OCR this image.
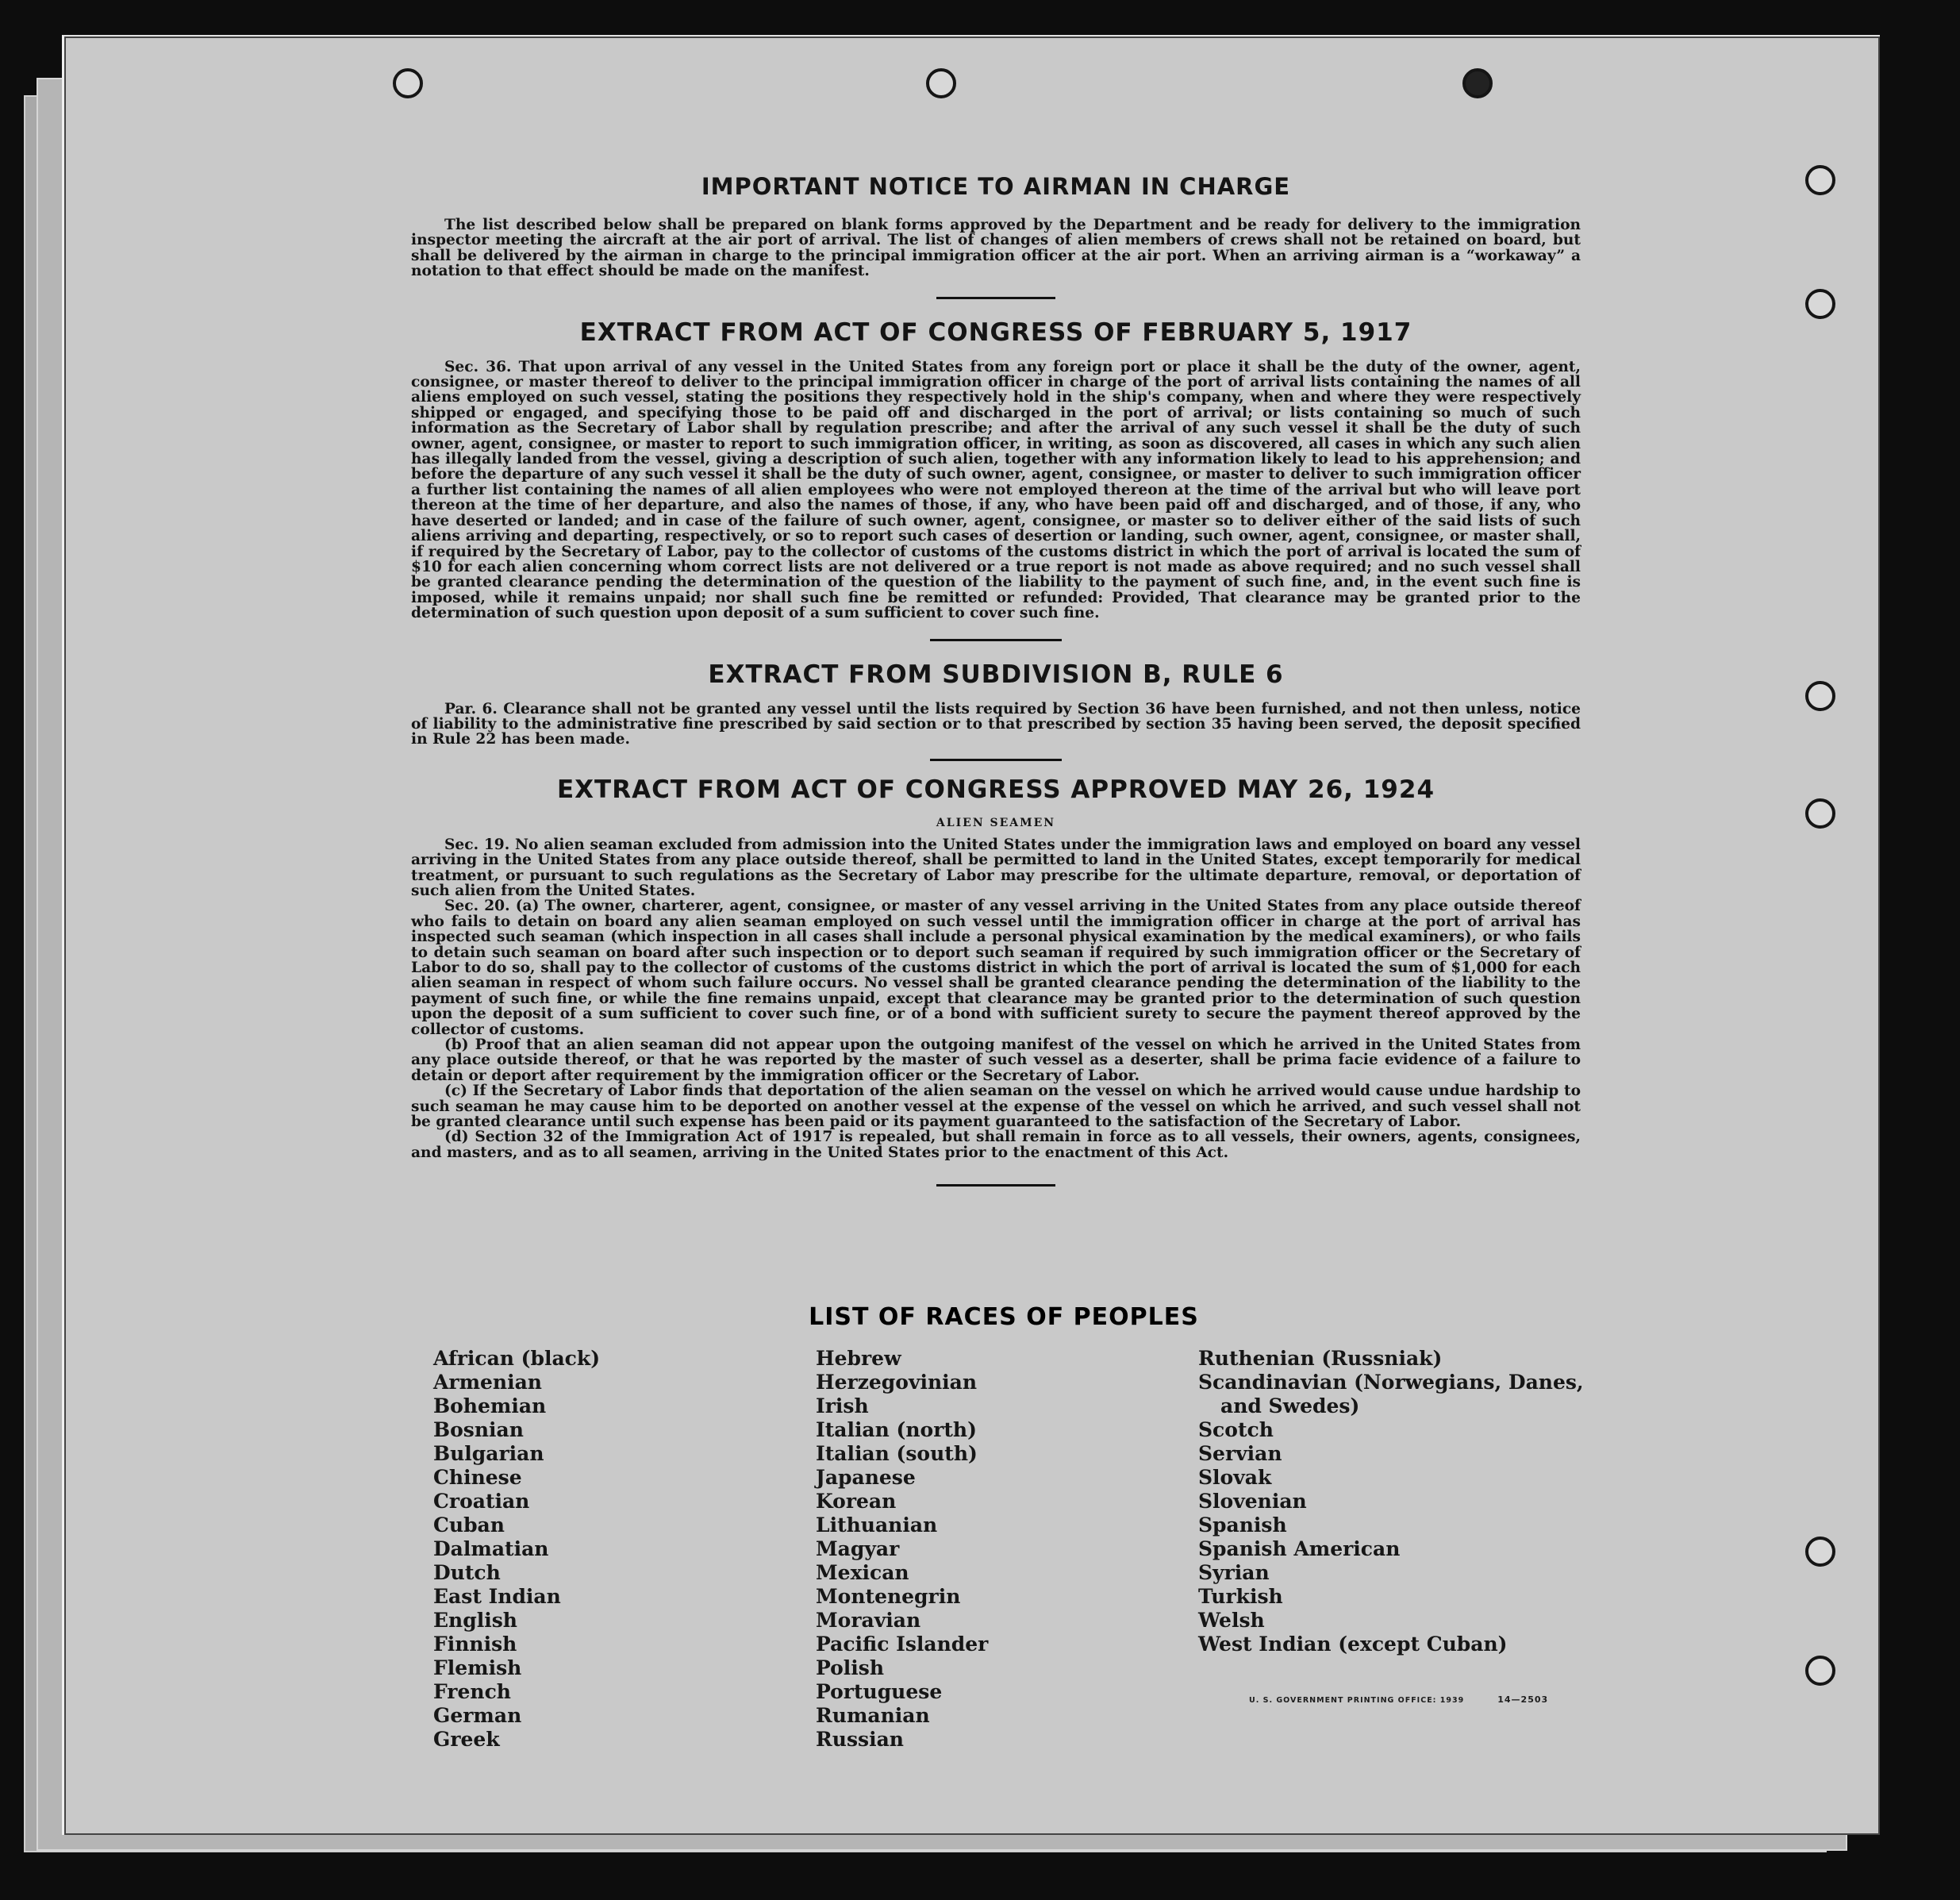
IMPORTANT NOTICE TO AIRMAN IN CHARGE

The list described below shall be prepared on blank forms approved by the Department and be ready for delivery to the immigration inspector meeting the aircraft at the air port of arrival. The list of changes of alien members of crews shall not be retained on board, but shall be delivered by the airman in charge to the principal immigration officer at the air port. When an arriving airman is a “workaway” a notation to that effect should be made on the manifest.

EXTRACT FROM ACT OF CONGRESS OF FEBRUARY 5, 1917

Sec. 36. That upon arrival of any vessel in the United States from any foreign port or place it shall be the duty of the owner, agent, consignee, or master thereof to deliver to the principal immigration officer in charge of the port of arrival lists containing the names of all aliens employed on such vessel, stating the positions they respectively hold in the ship's company, when and where they were respectively shipped or engaged, and specifying those to be paid off and discharged in the port of arrival; or lists containing so much of such information as the Secretary of Labor shall by regulation prescribe; and after the arrival of any such vessel it shall be the duty of such owner, agent, consignee, or master to report to such immigration officer, in writing, as soon as discovered, all cases in which any such alien has illegally landed from the vessel, giving a description of such alien, together with any information likely to lead to his apprehension; and before the departure of any such vessel it shall be the duty of such owner, agent, consignee, or master to deliver to such immigration officer a further list containing the names of all alien employees who were not employed thereon at the time of the arrival but who will leave port thereon at the time of her departure, and also the names of those, if any, who have been paid off and discharged, and of those, if any, who have deserted or landed; and in case of the failure of such owner, agent, consignee, or master so to deliver either of the said lists of such aliens arriving and departing, respectively, or so to report such cases of desertion or landing, such owner, agent, consignee, or master shall, if required by the Secretary of Labor, pay to the collector of customs of the customs district in which the port of arrival is located the sum of $10 for each alien concerning whom correct lists are not delivered or a true report is not made as above required; and no such vessel shall be granted clearance pending the determination of the question of the liability to the payment of such fine, and, in the event such fine is imposed, while it remains unpaid; nor shall such fine be remitted or refunded: Provided, That clearance may be granted prior to the determination of such question upon deposit of a sum sufficient to cover such fine.

EXTRACT FROM SUBDIVISION B, RULE 6

Par. 6. Clearance shall not be granted any vessel until the lists required by Section 36 have been furnished, and not then unless, notice of liability to the administrative fine prescribed by said section or to that prescribed by section 35 having been served, the deposit specified in Rule 22 has been made.

EXTRACT FROM ACT OF CONGRESS APPROVED MAY 26, 1924
ALIEN SEAMEN

Sec. 19. No alien seaman excluded from admission into the United States under the immigration laws and employed on board any vessel arriving in the United States from any place outside thereof, shall be permitted to land in the United States, except temporarily for medical treatment, or pursuant to such regulations as the Secretary of Labor may prescribe for the ultimate departure, removal, or deportation of such alien from the United States.

Sec. 20. (a) The owner, charterer, agent, consignee, or master of any vessel arriving in the United States from any place outside thereof who fails to detain on board any alien seaman employed on such vessel until the immigration officer in charge at the port of arrival has inspected such seaman (which inspection in all cases shall include a personal physical examination by the medical examiners), or who fails to detain such seaman on board after such inspection or to deport such seaman if required by such immigration officer or the Secretary of Labor to do so, shall pay to the collector of customs of the customs district in which the port of arrival is located the sum of $1,000 for each alien seaman in respect of whom such failure occurs. No vessel shall be granted clearance pending the determination of the liability to the payment of such fine, or while the fine remains unpaid, except that clearance may be granted prior to the determination of such question upon the deposit of a sum sufficient to cover such fine, or of a bond with sufficient surety to secure the payment thereof approved by the collector of customs.

(b) Proof that an alien seaman did not appear upon the outgoing manifest of the vessel on which he arrived in the United States from any place outside thereof, or that he was reported by the master of such vessel as a deserter, shall be prima facie evidence of a failure to detain or deport after requirement by the immigration officer or the Secretary of Labor.

(c) If the Secretary of Labor finds that deportation of the alien seaman on the vessel on which he arrived would cause undue hardship to such seaman he may cause him to be deported on another vessel at the expense of the vessel on which he arrived, and such vessel shall not be granted clearance until such expense has been paid or its payment guaranteed to the satisfaction of the Secretary of Labor.

(d) Section 32 of the Immigration Act of 1917 is repealed, but shall remain in force as to all vessels, their owners, agents, consignees, and masters, and as to all seamen, arriving in the United States prior to the enactment of this Act.

LIST OF RACES OF PEOPLES
African (black)
Armenian
Bohemian
Bosnian
Bulgarian
Chinese
Croatian
Cuban
Dalmatian
Dutch
East Indian
English
Finnish
Flemish
French
German
Greek
Hebrew
Herzegovinian
Irish
Italian (north)
Italian (south)
Japanese
Korean
Lithuanian
Magyar
Mexican
Montenegrin
Moravian
Pacific Islander
Polish
Portuguese
Rumanian
Russian
Ruthenian (Russniak)
Scandinavian (Norwegians, Danes,
and Swedes)
Scotch
Servian
Slovak
Slovenian
Spanish
Spanish American
Syrian
Turkish
Welsh
West Indian (except Cuban)
U. S. GOVERNMENT PRINTING OFFICE: 1939	14—2503
